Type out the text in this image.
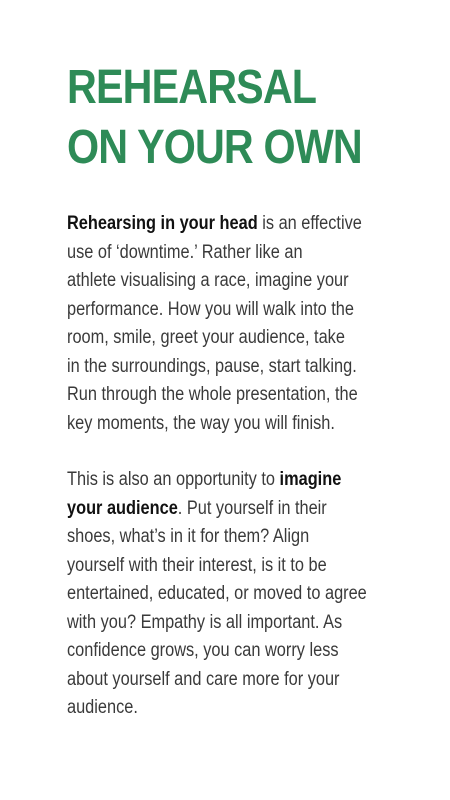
REHEARSAL
ON YOUR OWN

Rehearsing in your head is an effective
use of ‘downtime.’ Rather like an
athlete visualising a race, imagine your
performance. How you will walk into the
room, smile, greet your audience, take
in the surroundings, pause, start talking.
Run through the whole presentation, the
key moments, the way you will finish.

This is also an opportunity to imagine
your audience. Put yourself in their
shoes, what’s in it for them? Align
yourself with their interest, is it to be
entertained, educated, or moved to agree
with you? Empathy is all important. As
confidence grows, you can worry less
about yourself and care more for your
audience.
